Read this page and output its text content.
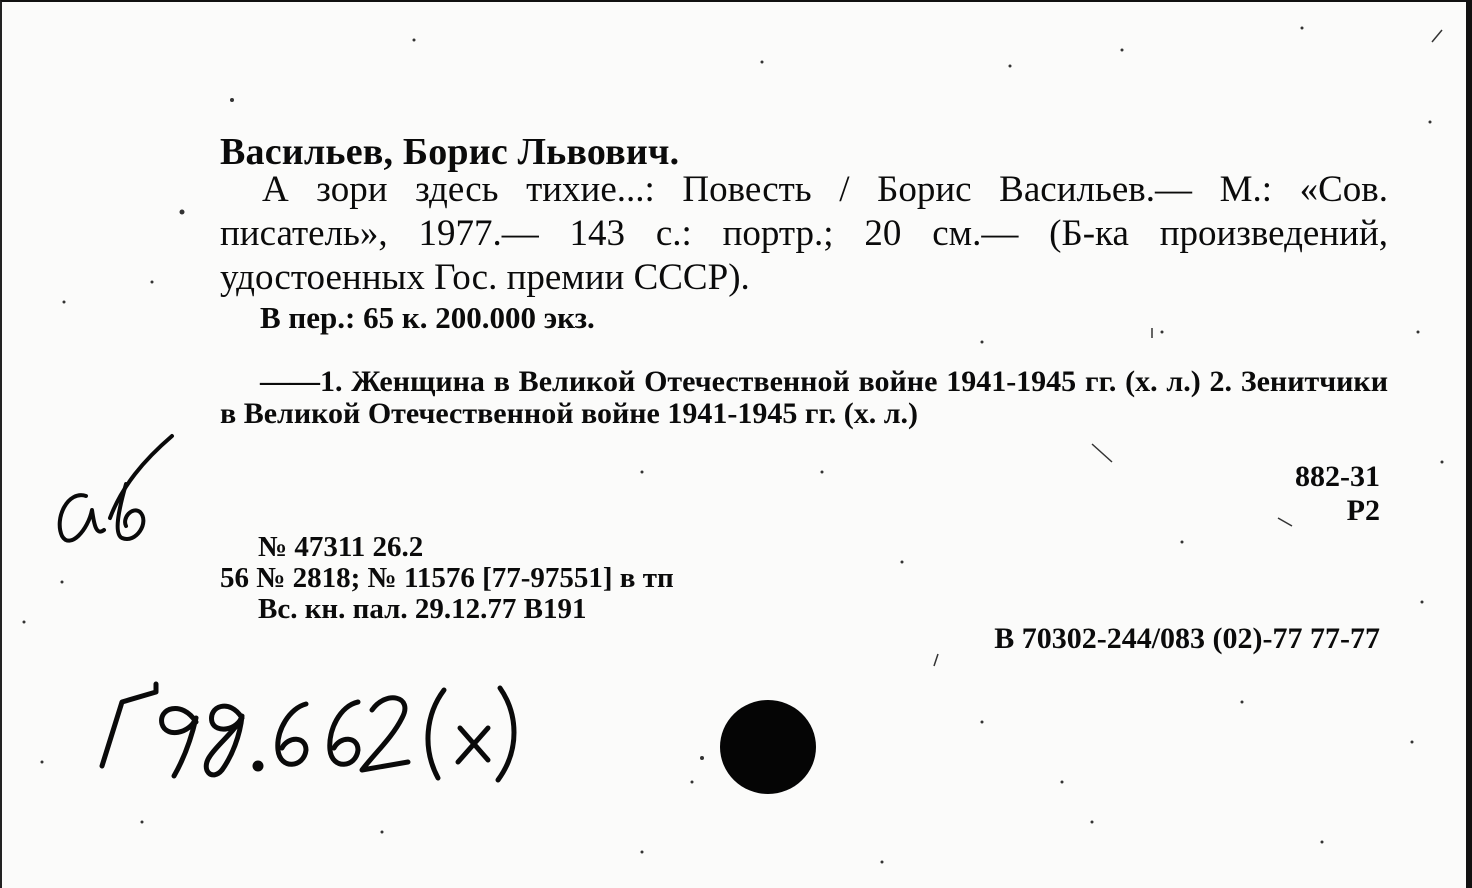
Васильев, Борис Львович.
А зори здесь тихие...: Повесть / Борис Васильев.— М.: «Сов. писатель», 1977.— 143 с.: портр.; 20 см.— (Б-ка произведений, удостоенных Гос. премии СССР).
В пер.: 65 к. 200.000 экз.
——1. Женщина в Великой Отечественной войне 1941-1945 гг. (х. л.) 2. Зенитчики в Великой Отечественной войне 1941-1945 гг. (х. л.)
882-31
Р2
№ 47311 26.2
56 № 2818; № 11576 [77-97551] в тп
Вс. кн. пал. 29.12.77 В191
В 70302-244/083 (02)-77 77-77
